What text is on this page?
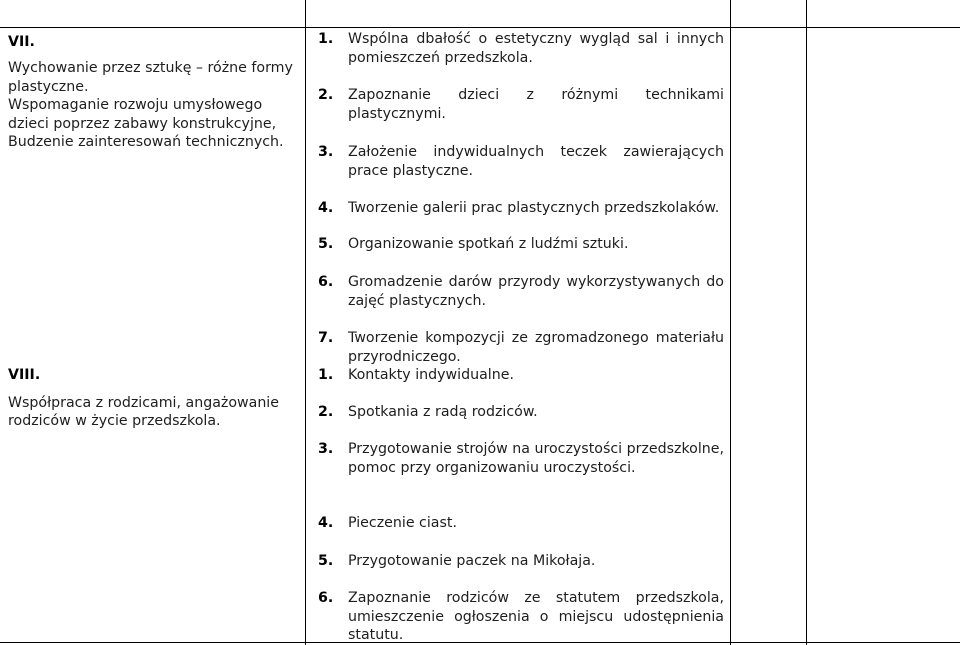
VII.
Wychowanie przez sztukę – różne formy
plastyczne.
Wspomaganie rozwoju umysłowego
dzieci poprzez zabawy konstrukcyjne,
Budzenie zainteresowań technicznych.
1. Wspólna dbałość o estetyczny wygląd sal i innych pomieszczeń przedszkola.
2. Zapoznanie dzieci z różnymi technikami plastycznymi.
3. Założenie indywidualnych teczek zawierających prace plastyczne.
4. Tworzenie galerii prac plastycznych przedszkolaków.
5. Organizowanie spotkań z ludźmi sztuki.
6. Gromadzenie darów przyrody wykorzystywanych do zajęć plastycznych.
7. Tworzenie kompozycji ze zgromadzonego materiału przyrodniczego.
VIII.
Współpraca z rodzicami, angażowanie
rodziców w życie przedszkola.
1. Kontakty indywidualne.
2. Spotkania z radą rodziców.
3. Przygotowanie strojów na uroczystości przedszkolne, pomoc przy organizowaniu uroczystości.
4. Pieczenie ciast.
5. Przygotowanie paczek na Mikołaja.
6. Zapoznanie rodziców ze statutem przedszkola, umieszczenie ogłoszenia o miejscu udostępnienia statutu.
